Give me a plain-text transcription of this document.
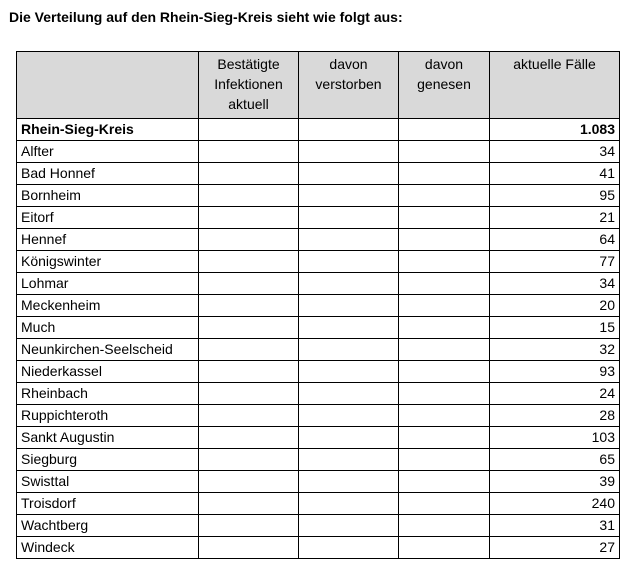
Die Verteilung auf den Rhein-Sieg-Kreis sieht wie folgt aus:
	Bestätigte Infektionen aktuell	davon verstorben	davon genesen	aktuelle Fälle
Rhein-Sieg-Kreis				1.083
Alfter				34
Bad Honnef				41
Bornheim				95
Eitorf				21
Hennef				64
Königswinter				77
Lohmar				34
Meckenheim				20
Much				15
Neunkirchen-Seelscheid				32
Niederkassel				93
Rheinbach				24
Ruppichteroth				28
Sankt Augustin				103
Siegburg				65
Swisttal				39
Troisdorf				240
Wachtberg				31
Windeck				27
